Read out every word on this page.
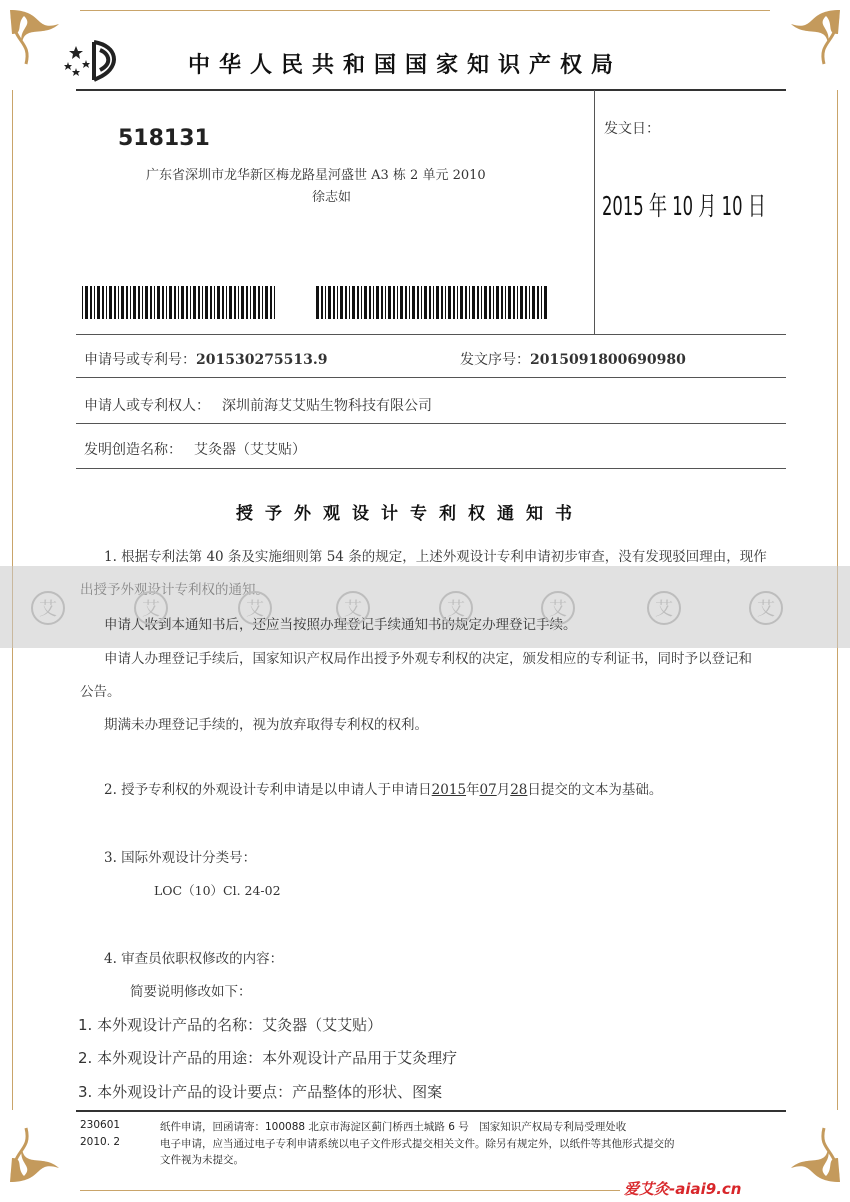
中华人民共和国国家知识产权局
518131
广东省深圳市龙华新区梅龙路星河盛世 A3 栋 2 单元 2010
徐志如
发文日：
2015 年 10 月 10 日
申请号或专利号：201530275513.9	发文序号：2015091800690980
申请人或专利权人： 深圳前海艾艾贴生物科技有限公司
发明创造名称： 艾灸器（艾艾贴）
授予外观设计专利权通知书
1. 根据专利法第 40 条及实施细则第 54 条的规定，上述外观设计专利申请初步审查，没有发现驳回理由，现作
申请人收到本通知书后，还应当按照办理登记手续通知书的规定办理登记手续。
申请人办理登记手续后，国家知识产权局作出授予外观专利权的决定，颁发相应的专利证书，同时予以登记和
公告。
期满未办理登记手续的，视为放弃取得专利权的权利。
2. 授予专利权的外观设计专利申请是以申请人于申请日2015年07月28日提交的文本为基础。
3. 国际外观设计分类号：
LOC（10）Cl. 24-02
4. 审查员依职权修改的内容：
简要说明修改如下：
1. 本外观设计产品的名称：艾灸器（艾艾贴）
2. 本外观设计产品的用途：本外观设计产品用于艾灸理疗
3. 本外观设计产品的设计要点：产品整体的形状、图案
230601
2010. 2
纸件申请，回函请寄：100088 北京市海淀区蓟门桥西土城路 6 号　国家知识产权局专利局受理处收
电子申请，应当通过电子专利申请系统以电子文件形式提交相关文件。除另有规定外，以纸件等其他形式提交的
文件视为未提交。
爱艾灸-aiai9.cn
艾	艾	艾	艾	艾	艾	艾	艾
